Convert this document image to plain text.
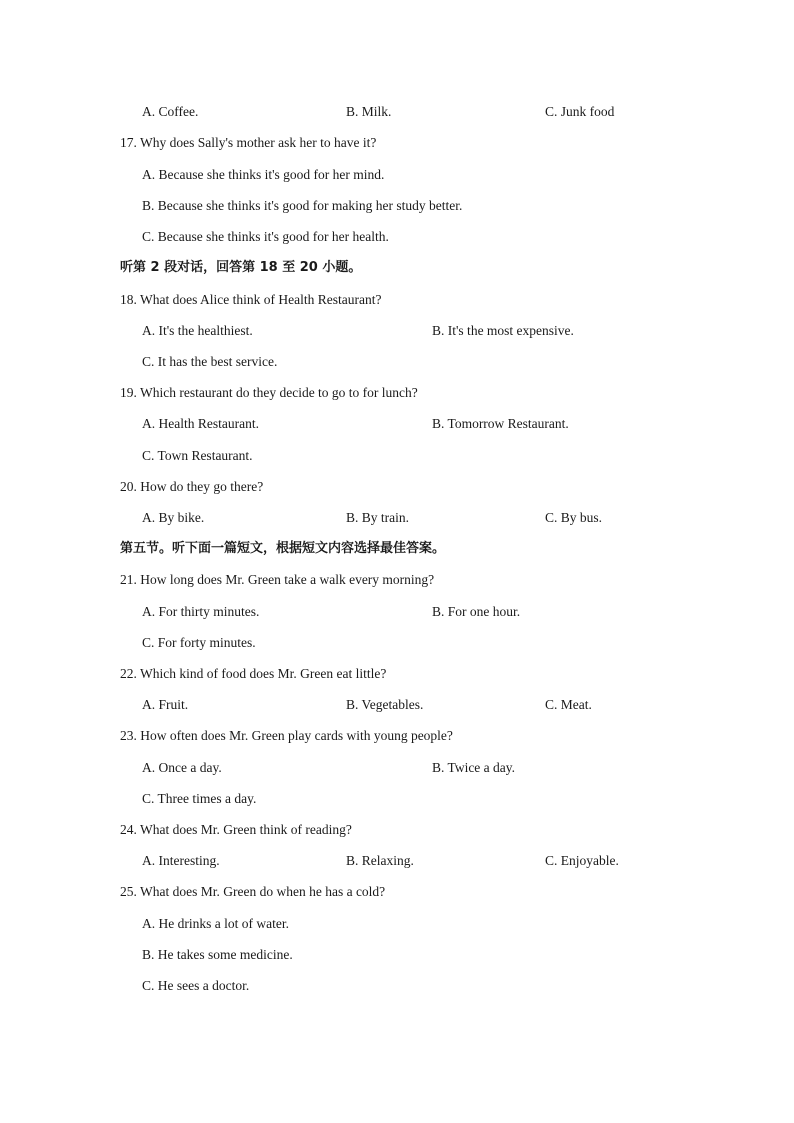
A. Coffee.	B. Milk.	C. Junk food
17. Why does Sally's mother ask her to have it?
A. Because she thinks it's good for her mind.
B. Because she thinks it's good for making her study better.
C. Because she thinks it's good for her health.
听第 2 段对话，回答第 18 至 20 小题。
18. What does Alice think of Health Restaurant?
A. It's the healthiest.	B. It's the most expensive.
C. It has the best service.
19. Which restaurant do they decide to go to for lunch?
A. Health Restaurant.	B. Tomorrow Restaurant.
C. Town Restaurant.
20. How do they go there?
A. By bike.	B. By train.	C. By bus.
第五节。听下面一篇短文，根据短文内容选择最佳答案。
21. How long does Mr. Green take a walk every morning?
A. For thirty minutes.	B. For one hour.
C. For forty minutes.
22. Which kind of food does Mr. Green eat little?
A. Fruit.	B. Vegetables.	C. Meat.
23. How often does Mr. Green play cards with young people?
A. Once a day.	B. Twice a day.
C. Three times a day.
24. What does Mr. Green think of reading?
A. Interesting.	B. Relaxing.	C. Enjoyable.
25. What does Mr. Green do when he has a cold?
A. He drinks a lot of water.
B. He takes some medicine.
C. He sees a doctor.
